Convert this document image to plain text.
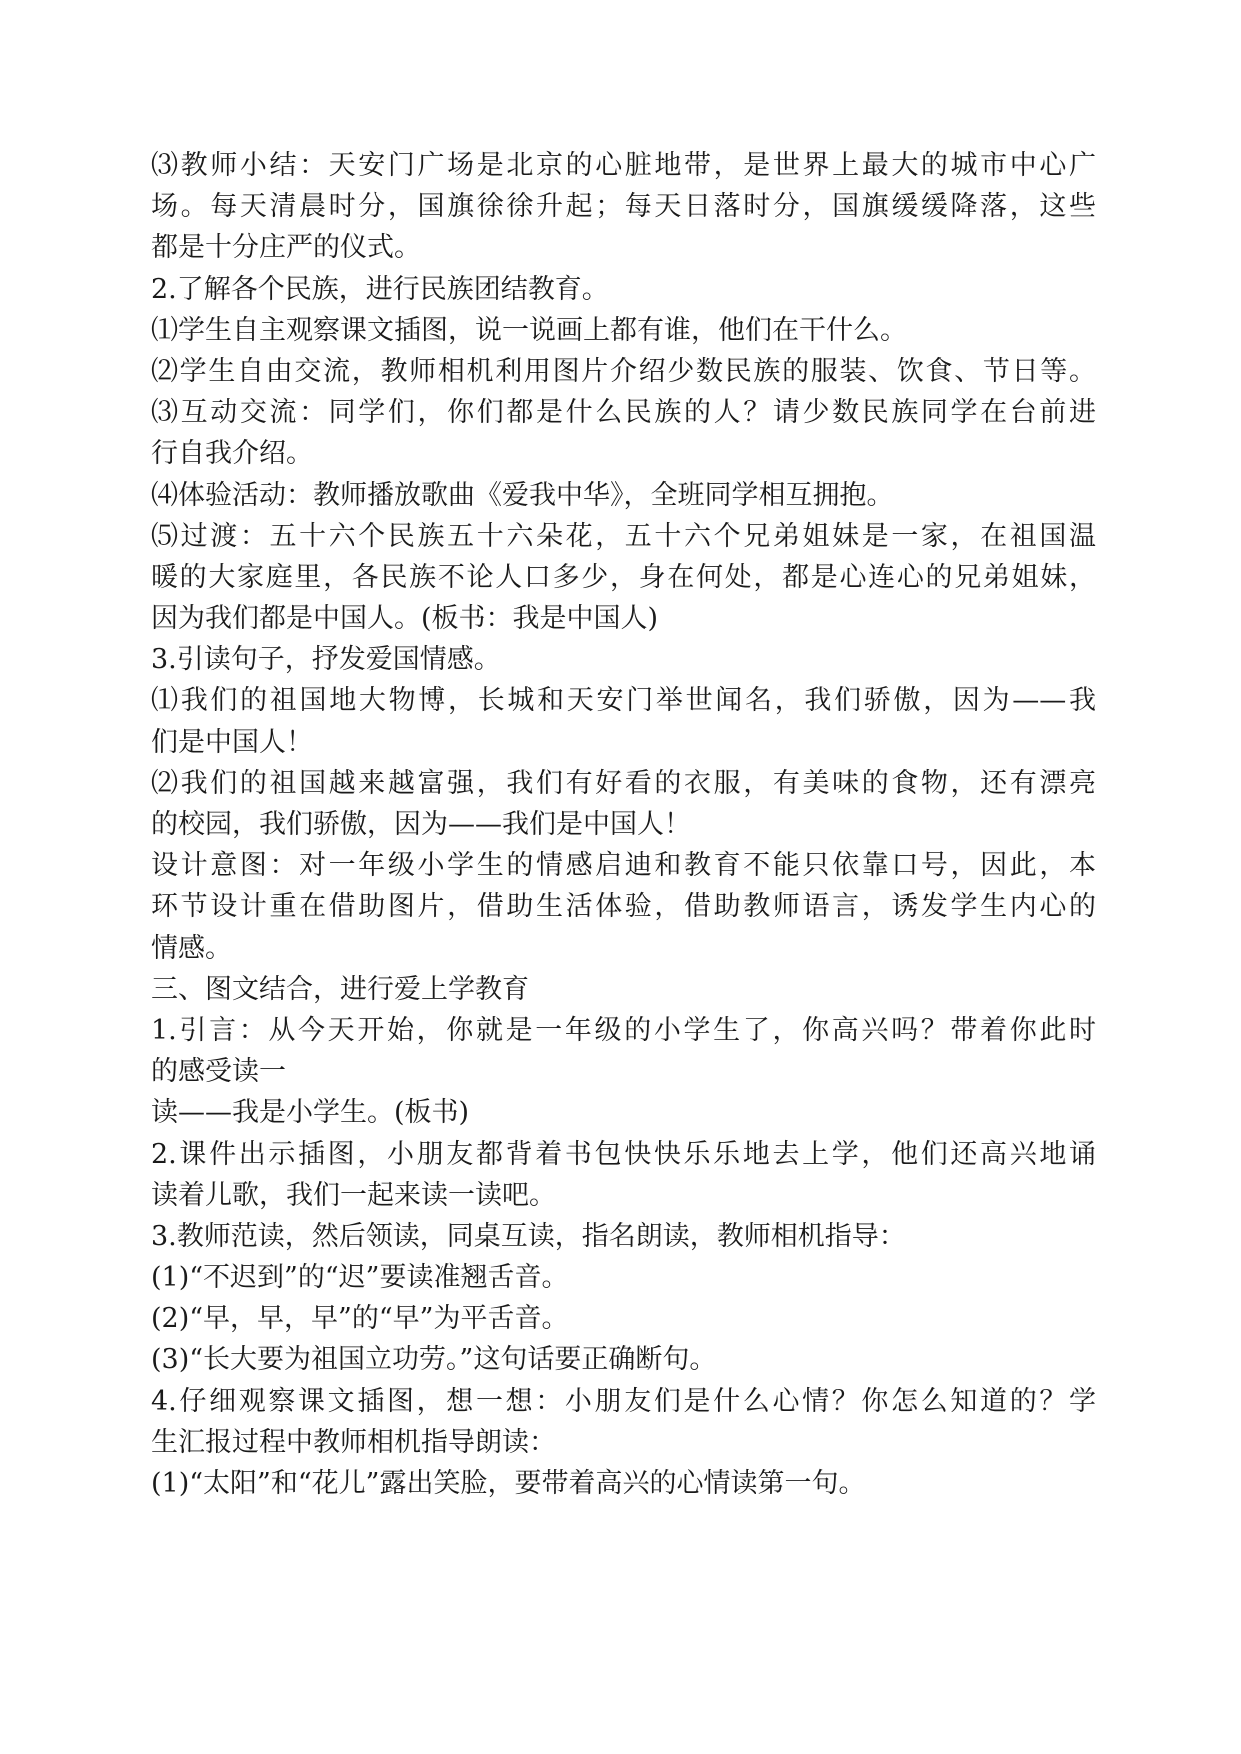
⑶教师小结：天安门广场是北京的心脏地带，是世界上最大的城市中心广
场。每天清晨时分，国旗徐徐升起；每天日落时分，国旗缓缓降落，这些
都是十分庄严的仪式。
2.了解各个民族，进行民族团结教育。
⑴学生自主观察课文插图，说一说画上都有谁，他们在干什么。
⑵学生自由交流，教师相机利用图片介绍少数民族的服装、饮食、节日等。
⑶互动交流：同学们，你们都是什么民族的人？请少数民族同学在台前进
行自我介绍。
⑷体验活动：教师播放歌曲《爱我中华》，全班同学相互拥抱。
⑸过渡：五十六个民族五十六朵花，五十六个兄弟姐妹是一家，在祖国温
暖的大家庭里，各民族不论人口多少，身在何处，都是心连心的兄弟姐妹，
因为我们都是中国人。(板书：我是中国人)
3.引读句子，抒发爱国情感。
⑴我们的祖国地大物博，长城和天安门举世闻名，我们骄傲，因为——我
们是中国人！
⑵我们的祖国越来越富强，我们有好看的衣服，有美味的食物，还有漂亮
的校园，我们骄傲，因为——我们是中国人！
设计意图：对一年级小学生的情感启迪和教育不能只依靠口号，因此，本
环节设计重在借助图片，借助生活体验，借助教师语言，诱发学生内心的
情感。
三、图文结合，进行爱上学教育
1.引言：从今天开始，你就是一年级的小学生了，你高兴吗？带着你此时
的感受读一
读——我是小学生。(板书)
2.课件出示插图，小朋友都背着书包快快乐乐地去上学，他们还高兴地诵
读着儿歌，我们一起来读一读吧。
3.教师范读，然后领读，同桌互读，指名朗读，教师相机指导：
(1)“不迟到”的“迟”要读准翘舌音。
(2)“早，早，早”的“早”为平舌音。
(3)“长大要为祖国立功劳。”这句话要正确断句。
4.仔细观察课文插图，想一想：小朋友们是什么心情？你怎么知道的？学
生汇报过程中教师相机指导朗读：
(1)“太阳”和“花儿”露出笑脸，要带着高兴的心情读第一句。
